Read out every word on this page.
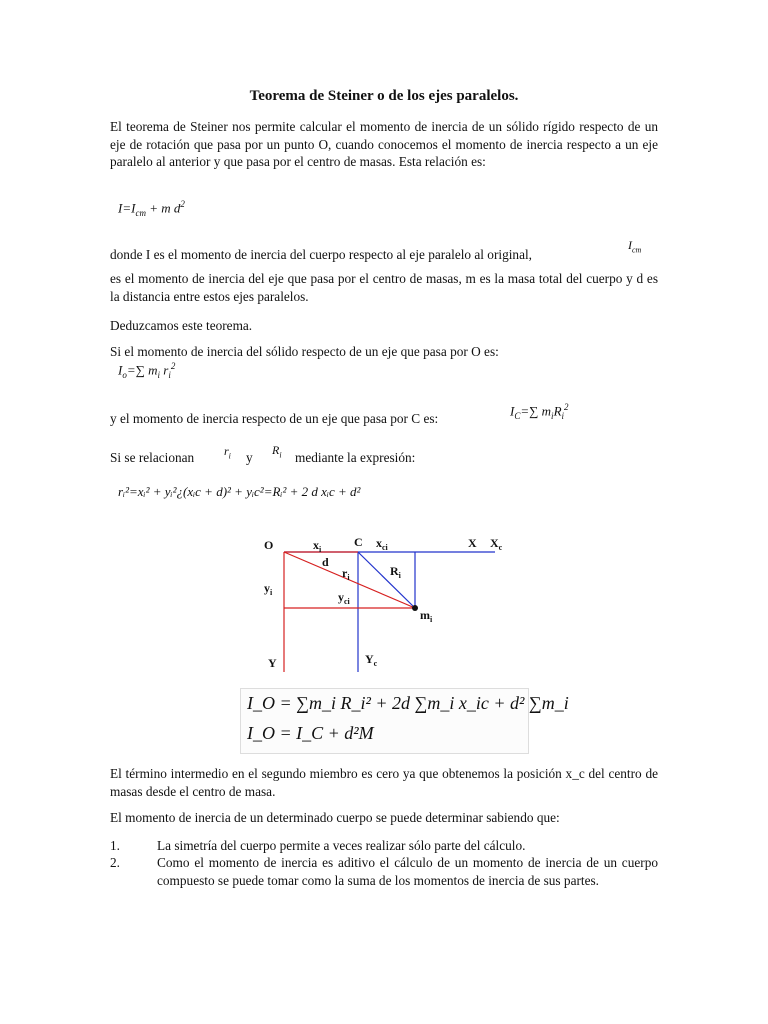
Teorema de Steiner o de los ejes paralelos.
El teorema de Steiner nos permite calcular el momento de inercia de un sólido rígido respecto de un eje de rotación que pasa por un punto O, cuando conocemos el momento de inercia respecto a un eje paralelo al anterior y que pasa por el centro de masas. Esta relación es:
$I=I_{cm} + m$ $d^2$
donde I es el momento de inercia del cuerpo respecto al eje paralelo al original,
$I_{cm}$
es el momento de inercia del eje que pasa por el centro de masas, m es la masa total del cuerpo y d es la distancia entre estos ejes paralelos.
Deduzcamos este teorema.
Si el momento de inercia del sólido respecto de un eje que pasa por O es:
$I_o=\sum$ $m_i$ $r_i^2$
y el momento de inercia respecto de un eje que pasa por C es:
$I_C=\sum$ $m_iR_i^2$
Si se relacionan	$r_i$ y	$R_i$ mediante la expresión:
rᵢ²=xᵢ² + yᵢ²¿(xᵢc + d)² + yᵢc²=Rᵢ² + 2 d xᵢc + d²
O	C	X $X_c$
$x_i$	$x_{ci}$
d
$r_i$	$R_i$
$y_i$	$y_{ci}$
$m_i$
Y	$Y_c$
I_O = ∑m_i R_i² + 2d ∑m_i x_ic + d² ∑m_i
I_O = I_C + d²M
El término intermedio en el segundo miembro es cero ya que obtenemos la posición x_c del centro de masas desde el centro de masa.
El momento de inercia de un determinado cuerpo se puede determinar sabiendo que:
1.	La simetría del cuerpo permite a veces realizar sólo parte del cálculo.
2.	Como el momento de inercia es aditivo el cálculo de un momento de inercia de un cuerpo compuesto se puede tomar como la suma de los momentos de inercia de sus partes.
